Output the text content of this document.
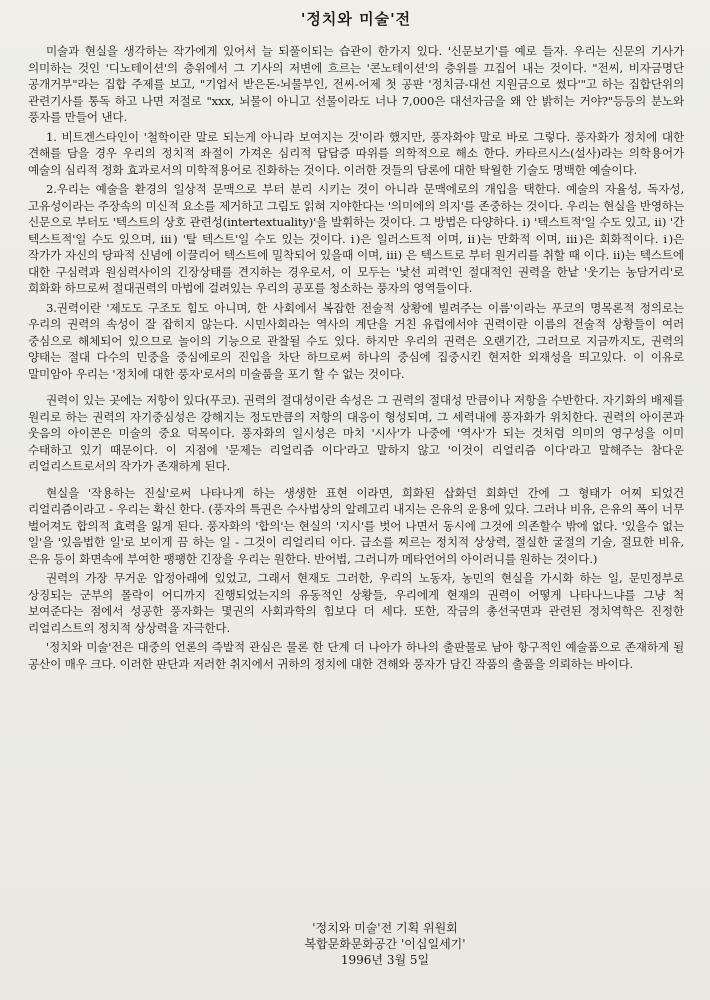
'정치와 미술'전

미술과 현실을 생각하는 작가에게 있어서 늘 되풀이되는 습관이 한가지 있다. '신문보기'를 예로 들자. 우리는 신문의 기사가 의미하는 것인 '디노테이션'의 층위에서 그 기사의 저변에 흐르는 '콘노테이션'의 층위를 끄집어 내는 것이다. "전씨, 비자금명단 공개거부"라는 집합 주제를 보고, "기업서 받은돈-뇌물부인, 전씨-어제 첫 공판 '정치금-대선 지원금으로 썼다'"고 하는 집합단위의 관련기사를 통독 하고 나면 저절로 "xxx, 뇌물이 아니고 선물이라도 너나 7,000은 대선자금을 왜 안 밝히는 거야?"등등의 분노와 풍자를 만들어 낸다.

1. 비트겐스타인이 '철학이란 말로 되는게 아니라 보여지는 것'이라 했지만, 풍자화야 말로 바로 그렇다. 풍자화가 정치에 대한 견해를 담을 경우 우리의 정치적 좌절이 가져온 심리적 답답증 따위를 의학적으로 해소 한다. 카타르시스(설사)라는 의학용어가 예술의 심리적 정화 효과로서의 미학적용어로 진화하는 것이다. 이러한 것들의 담론에 대한 탁월한 기술도 명백한 예술이다.

2.우리는 예술을 환경의 일상적 문맥으로 부터 분리 시키는 것이 아니라 문맥에로의 개입을 택한다. 예술의 자율성, 독자성, 고유성이라는 주장속의 미신적 요소를 제거하고 그림도 읽혀 지야한다는 '의미에의 의지'를 존중하는 것이다. 우리는 현실을 반영하는 신문으로 부터도 '텍스트의 상호 관련성(intertextuality)'을 발휘하는 것이다. 그 방법은 다양하다. ⅰ) '텍스트적'일 수도 있고, ⅱ) '간 텍스트적'일 수도 있으며, ⅲ) '탈 텍스트'일 수도 있는 것이다. ⅰ)은 일러스트적 이며, ⅱ)는 만화적 이며, ⅲ)은 회화적이다. ⅰ)은 작가가 자신의 당파적 신념에 이끌리어 텍스트에 밀착되어 있을때 이며, ⅲ) 은 텍스트로 부터 원거리를 취할 때 이다. ⅱ)는 텍스트에 대한 구심력과 원심력사이의 긴장상태를 견지하는 경우로서, 이 모두는 '낯선 피력'인 절대적인 권력을 한낱 '웃기는 농담거리'로 희화화 하므로써 절대권력의 마법에 걸려있는 우리의 공포를 청소하는 풍자의 영역들이다.

3.권력이란 '제도도 구조도 힘도 아니며, 한 사회에서 복잡한 전술적 상황에 빌려주는 이름'이라는 푸코의 명목론적 정의로는 우리의 권력의 속성이 잘 잡히지 않는다. 시민사회라는 역사의 계단을 거친 유럽에서야 권력이란 이름의 전술적 상황들이 여러 중심으로 해체되어 있으므로 놀이의 기능으로 관찰될 수도 있다. 하지만 우리의 권력은 오랜기간, 그러므로 지금까지도, 권력의 양태는 절대 다수의 민중을 중심에로의 진입을 차단 하므로써 하나의 중심에 집중시킨 현저한 외재성을 띄고있다. 이 이유로 말미암아 우리는 '정치에 대한 풍자'로서의 미술품을 포기 할 수 없는 것이다.

권력이 있는 곳에는 저항이 있다(푸코). 권력의 절대성이란 속성은 그 권력의 절대성 만큼이나 저항을 수반한다. 자기화의 배제를 원리로 하는 권력의 자기중심성은 강해지는 정도만큼의 저항의 대응이 형성되며, 그 세력내에 풍자화가 위치한다. 권력의 아이콘과 웃음의 아이콘은 미술의 중요 덕목이다. 풍자화의 일시성은 마치 '시사'가 나중에 '역사'가 되는 것처럼 의미의 영구성을 이미 수태하고 있기 때문이다. 이 지점에 '문제는 리얼리즘 이다'라고 말하지 않고 '이것이 리얼리즘 이다'라고 말해주는 참다운 리얼리스트로서의 작가가 존재하게 된다.

현실을 '작용하는 진실'로써 나타나게 하는 생생한 표현 이라면, 희화된 삽화던 회화던 간에 그 형태가 어찌 되었건 리얼리즘이라고 - 우리는 확신 한다. (풍자의 특권은 수사법상의 알레고리 내지는 은유의 운용에 있다. 그러나 비유, 은유의 폭이 너무 벌어져도 합의적 효력을 잃게 된다. 풍자화의 '합의'는 현실의 '지시'를 벗어 나면서 동시에 그것에 의존할수 밖에 없다. '있을수 없는 일'을 '있음법한 일'로 보이게 끔 하는 일 - 그것이 리얼리티 이다. 급소를 찌르는 정치적 상상력, 절실한 굴절의 기술, 절묘한 비유, 은유 등이 화면속에 부여한 팽팽한 긴장을 우리는 원한다. 반어법, 그러니까 메타언어의 아이러니를 원하는 것이다.)

권력의 가장 무거운 압정아래에 있었고, 그래서 현재도 그러한, 우리의 노동자, 농민의 현실을 가시화 하는 일, 문민정부로 상징되는 군부의 몰락이 어디까지 진행되었는지의 유동적인 상황들, 우리에게 현재의 권력이 어떻게 나타나느냐를 그냥 척 보여준다는 점에서 성공한 풍자화는 몇권의 사회과학의 힘보다 더 세다. 또한, 작금의 총선국면과 관련된 정치역학은 진정한 리얼리스트의 정치적 상상력을 자극한다.

'정치와 미술'전은 대중의 언론의 즉발적 관심은 물론 한 단계 더 나아가 하나의 출판물로 남아 항구적인 예술품으로 존재하게 될 공산이 매우 크다. 이러한 판단과 저러한 취지에서 귀하의 정치에 대한 견해와 풍자가 담긴 작품의 출품을 의뢰하는 바이다.

'정치와 미술'전 기획 위원회
복합문화문화공간 '이십일세기'
1996년 3월 5일
